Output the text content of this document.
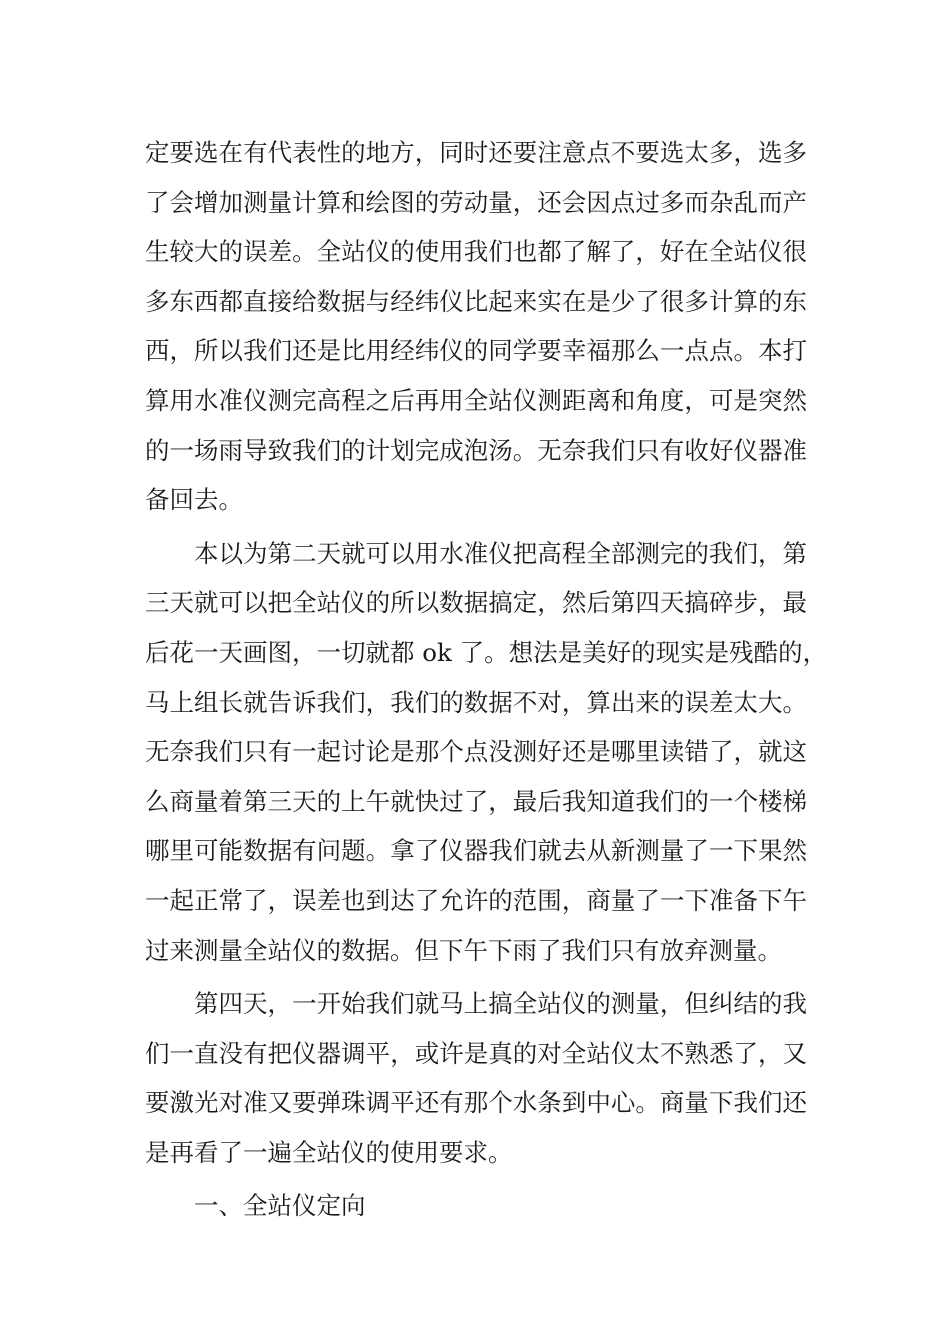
定要选在有代表性的地方，同时还要注意点不要选太多，选多
了会增加测量计算和绘图的劳动量，还会因点过多而杂乱而产
生较大的误差。全站仪的使用我们也都了解了，好在全站仪很
多东西都直接给数据与经纬仪比起来实在是少了很多计算的东
西，所以我们还是比用经纬仪的同学要幸福那么一点点。本打
算用水准仪测完高程之后再用全站仪测距离和角度，可是突然
的一场雨导致我们的计划完成泡汤。无奈我们只有收好仪器准
备回去。
本以为第二天就可以用水准仪把高程全部测完的我们，第
三天就可以把全站仪的所以数据搞定，然后第四天搞碎步，最
后花一天画图，一切就都 ok 了。想法是美好的现实是残酷的，
马上组长就告诉我们，我们的数据不对，算出来的误差太大。
无奈我们只有一起讨论是那个点没测好还是哪里读错了，就这
么商量着第三天的上午就快过了，最后我知道我们的一个楼梯
哪里可能数据有问题。拿了仪器我们就去从新测量了一下果然
一起正常了，误差也到达了允许的范围，商量了一下准备下午
过来测量全站仪的数据。但下午下雨了我们只有放弃测量。
第四天，一开始我们就马上搞全站仪的测量，但纠结的我
们一直没有把仪器调平，或许是真的对全站仪太不熟悉了，又
要激光对准又要弹珠调平还有那个水条到中心。商量下我们还
是再看了一遍全站仪的使用要求。
一、全站仪定向
